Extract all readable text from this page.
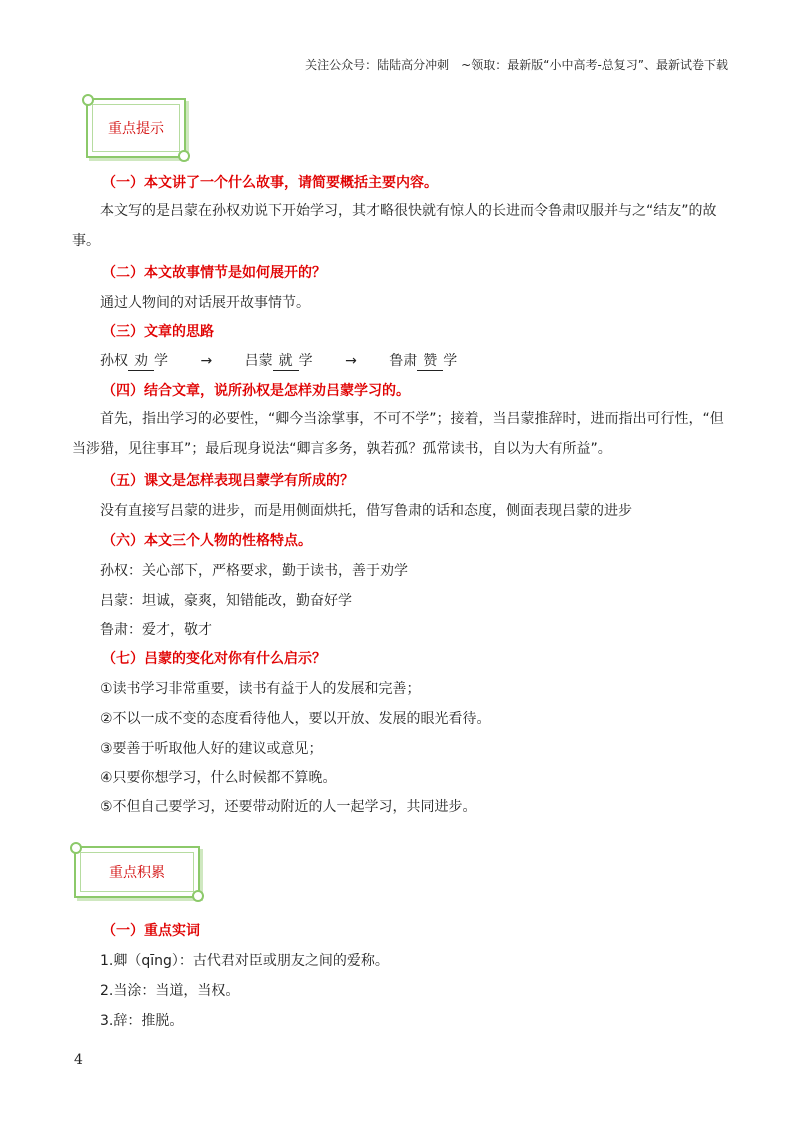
关注公众号：陆陆高分冲刺　~领取：最新版“小中高考-总复习”、最新试卷下载
重点提示
（一）本文讲了一个什么故事，请简要概括主要内容。
本文写的是吕蒙在孙权劝说下开始学习，其才略很快就有惊人的长进而令鲁肃叹服并与之“结友”的故事。
（二）本文故事情节是如何展开的？
通过人物间的对话展开故事情节。
（三）文章的思路
孙权 劝 学 → 吕蒙 就 学 → 鲁肃 赞 学
（四）结合文章，说所孙权是怎样劝吕蒙学习的。
首先，指出学习的必要性，“卿今当涂掌事，不可不学”；接着，当吕蒙推辞时，进而指出可行性，“但当涉猎，见往事耳”；最后现身说法“卿言多务，孰若孤？孤常读书，自以为大有所益”。
（五）课文是怎样表现吕蒙学有所成的？
没有直接写吕蒙的进步，而是用侧面烘托，借写鲁肃的话和态度，侧面表现吕蒙的进步
（六）本文三个人物的性格特点。
孙权：关心部下，严格要求，勤于读书，善于劝学
吕蒙：坦诚，豪爽，知错能改，勤奋好学
鲁肃：爱才，敬才
（七）吕蒙的变化对你有什么启示？
①读书学习非常重要，读书有益于人的发展和完善；
②不以一成不变的态度看待他人，要以开放、发展的眼光看待。
③要善于听取他人好的建议或意见；
④只要你想学习，什么时候都不算晚。
⑤不但自己要学习，还要带动附近的人一起学习，共同进步。
重点积累
（一）重点实词
1.卿（qīng）：古代君对臣或朋友之间的爱称。
2.当涂：当道，当权。
3.辞：推脱。
4
